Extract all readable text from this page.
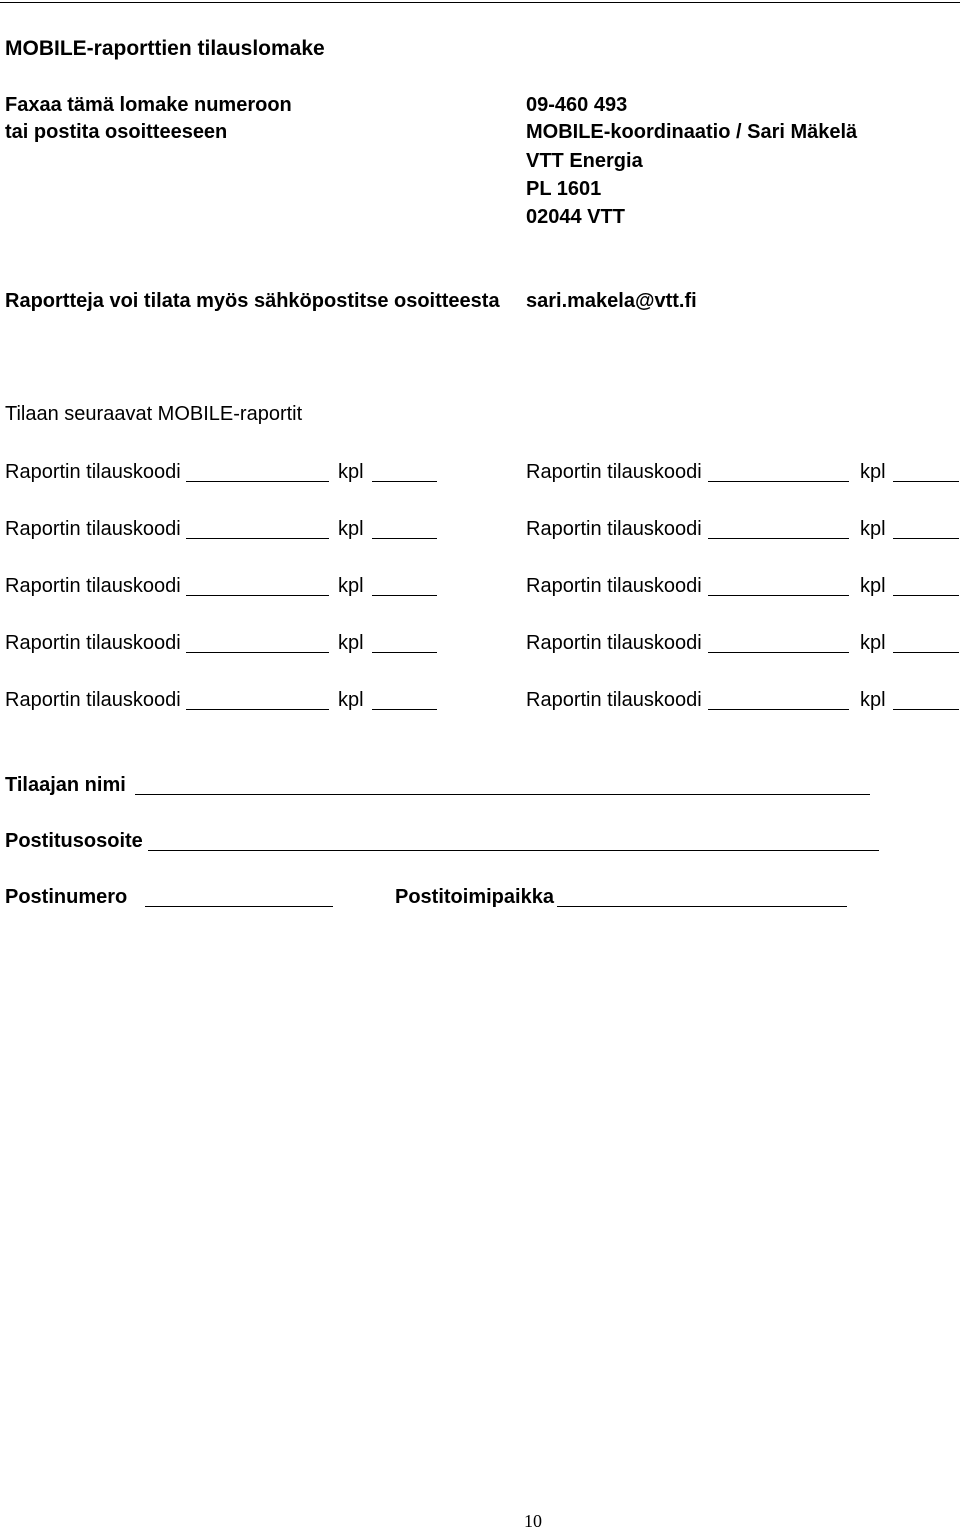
MOBILE-raporttien tilauslomake
Faxaa tämä lomake numeroon	09-460 493
tai postita osoitteeseen	MOBILE-koordinaatio / Sari Mäkelä
VTT Energia
PL 1601
02044 VTT
Raportteja voi tilata myös sähköpostitse osoitteesta sari.makela@vtt.fi
Tilaan seuraavat MOBILE-raportit
Raportin tilauskoodi	kpl	Raportin tilauskoodi	kpl
Raportin tilauskoodi	kpl	Raportin tilauskoodi	kpl
Raportin tilauskoodi	kpl	Raportin tilauskoodi	kpl
Raportin tilauskoodi	kpl	Raportin tilauskoodi	kpl
Raportin tilauskoodi	kpl	Raportin tilauskoodi	kpl
Tilaajan nimi
Postitusosoite
Postinumero	Postitoimipaikka
10
